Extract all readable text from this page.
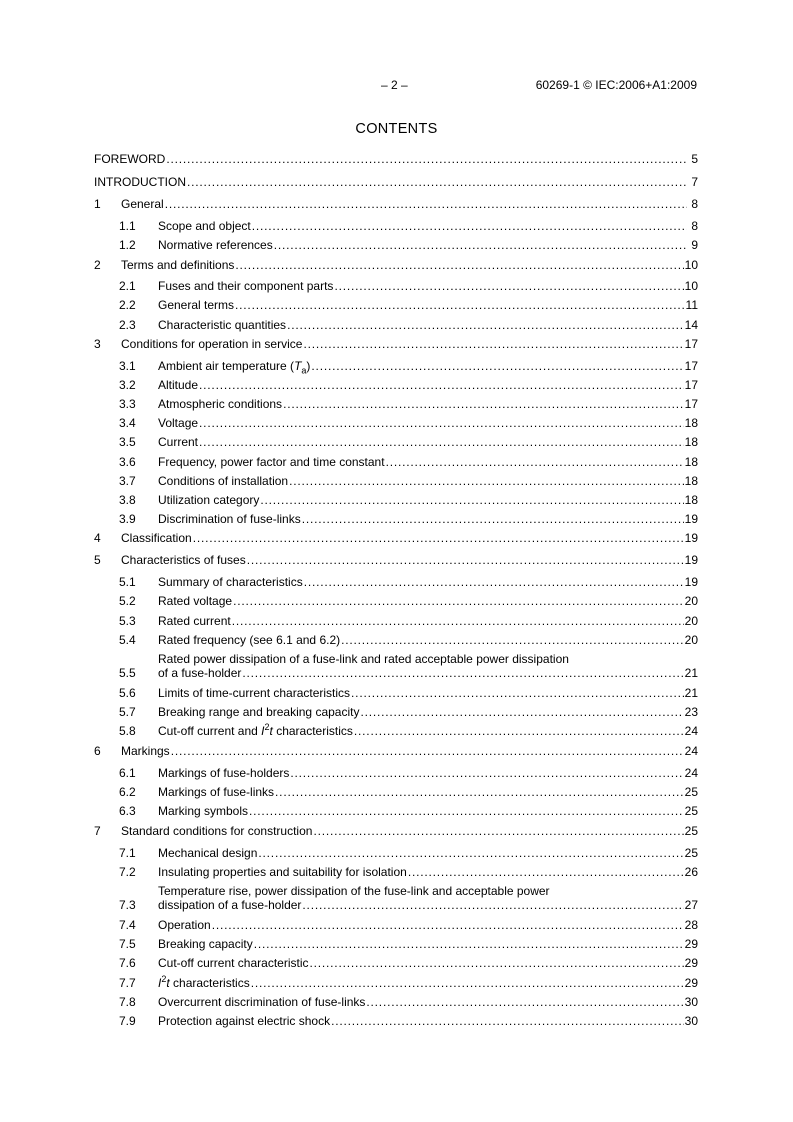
– 2 –	60269-1 © IEC:2006+A1:2009
CONTENTS
FOREWORD .....	5
INTRODUCTION .....	7
1	General .....	8
1.1	Scope and object .....	8
1.2	Normative references .....	9
2	Terms and definitions .....	10
2.1	Fuses and their component parts .....	10
2.2	General terms .....	11
2.3	Characteristic quantities .....	14
3	Conditions for operation in service .....	17
3.1	Ambient air temperature $(T_a)$ .....	17
3.2	Altitude .....	17
3.3	Atmospheric conditions .....	17
3.4	Voltage .....	18
3.5	Current .....	18
3.6	Frequency, power factor and time constant .....	18
3.7	Conditions of installation .....	18
3.8	Utilization category .....	18
3.9	Discrimination of fuse-links .....	19
4	Classification .....	19
5	Characteristics of fuses .....	19
5.1	Summary of characteristics .....	19
5.2	Rated voltage .....	20
5.3	Rated current .....	20
5.4	Rated frequency (see 6.1 and 6.2) .....	20
5.5
Rated power dissipation of a fuse-link and rated acceptable power dissipation
of a fuse-holder .....	21
5.6	Limits of time-current characteristics .....	21
5.7	Breaking range and breaking capacity .....	23
5.8	Cut-off current and $I^2t$ characteristics .....	24
6	Markings .....	24
6.1	Markings of fuse-holders .....	24
6.2	Markings of fuse-links .....	25
6.3	Marking symbols .....	25
7	Standard conditions for construction .....	25
7.1	Mechanical design .....	25
7.2	Insulating properties and suitability for isolation .....	26
7.3
Temperature rise, power dissipation of the fuse-link and acceptable power
dissipation of a fuse-holder .....	27
7.4	Operation .....	28
7.5	Breaking capacity .....	29
7.6	Cut-off current characteristic .....	29
7.7	$I^2t$ characteristics .....	29
7.8	Overcurrent discrimination of fuse-links .....	30
7.9	Protection against electric shock .....	30
